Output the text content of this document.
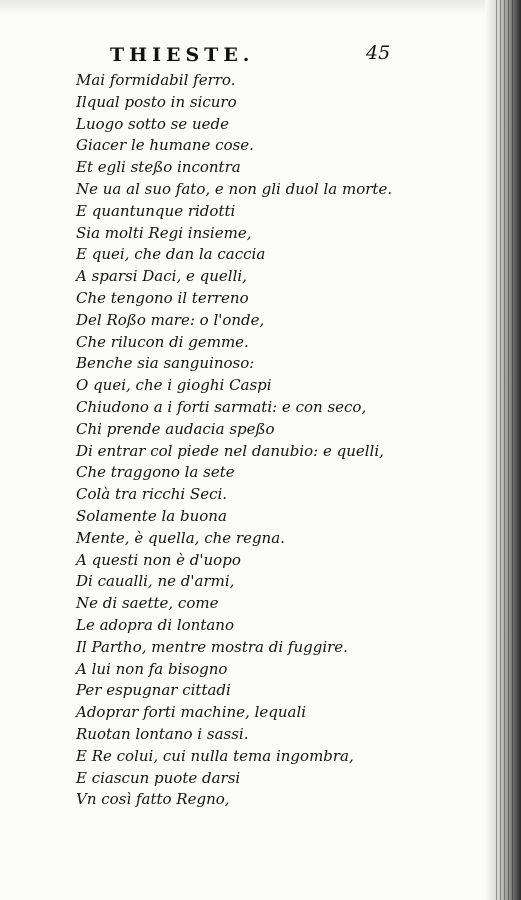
THIESTE.	45
Mai formidabil ferro.
Ilqual posto in sicuro
Luogo sotto se uede
Giacer le humane cose.
Et egli steßo incontra
Ne ua al suo fato, e non gli duol la morte.
E quantunque ridotti
Sia molti Regi insieme,
E quei, che dan la caccia
A sparsi Daci, e quelli,
Che tengono il terreno
Del Roßo mare: o l'onde,
Che rilucon di gemme.
Benche sia sanguinoso:
O quei, che i gioghi Caspi
Chiudono a i forti sarmati: e con seco,
Chi prende audacia speßo
Di entrar col piede nel danubio: e quelli,
Che traggono la sete
Colà tra ricchi Seci.
Solamente la buona
Mente, è quella, che regna.
A questi non è d'uopo
Di caualli, ne d'armi,
Ne di saette, come
Le adopra di lontano
Il Partho, mentre mostra di fuggire.
A lui non fa bisogno
Per espugnar cittadi
Adoprar forti machine, lequali
Ruotan lontano i sassi.
E Re colui, cui nulla tema ingombra,
E ciascun puote darsi
Vn così fatto Regno,
